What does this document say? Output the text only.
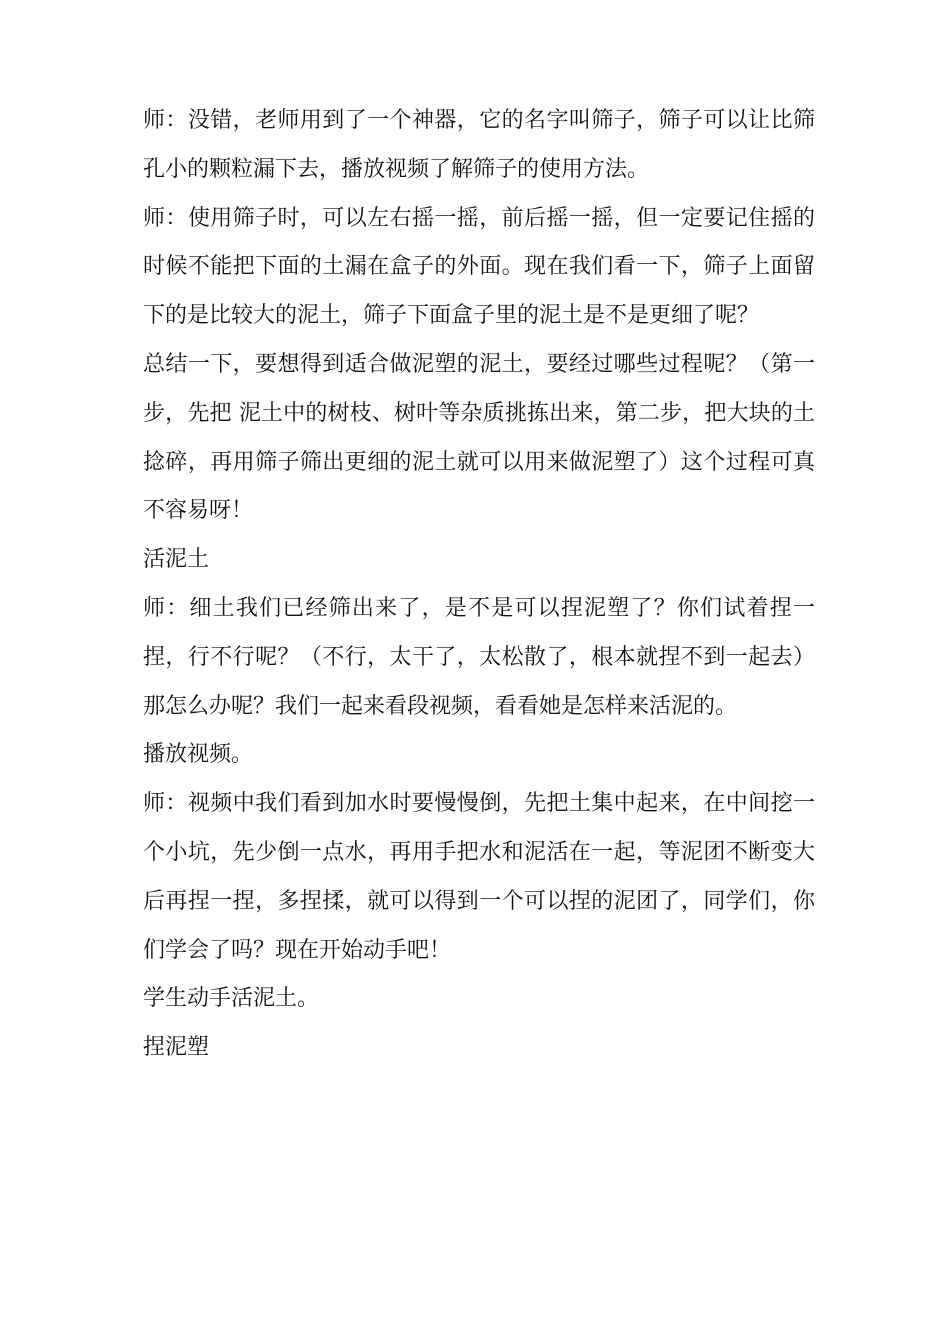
师：没错，老师用到了一个神器，它的名字叫筛子，筛子可以让比筛孔小的颗粒漏下去，播放视频了解筛子的使用方法。

师：使用筛子时，可以左右摇一摇，前后摇一摇，但一定要记住摇的时候不能把下面的土漏在盒子的外面。现在我们看一下，筛子上面留下的是比较大的泥土，筛子下面盒子里的泥土是不是更细了呢？

总结一下，要想得到适合做泥塑的泥土，要经过哪些过程呢？（第一步，先把 泥土中的树枝、树叶等杂质挑拣出来，第二步，把大块的土捻碎，再用筛子筛出更细的泥土就可以用来做泥塑了）这个过程可真不容易呀！

活泥土

师：细土我们已经筛出来了，是不是可以捏泥塑了？你们试着捏一捏，行不行呢？（不行，太干了，太松散了，根本就捏不到一起去）那怎么办呢？我们一起来看段视频，看看她是怎样来活泥的。

播放视频。

师：视频中我们看到加水时要慢慢倒，先把土集中起来，在中间挖一个小坑，先少倒一点水，再用手把水和泥活在一起，等泥团不断变大后再捏一捏，多捏揉，就可以得到一个可以捏的泥团了，同学们，你们学会了吗？现在开始动手吧！

学生动手活泥土。

捏泥塑
